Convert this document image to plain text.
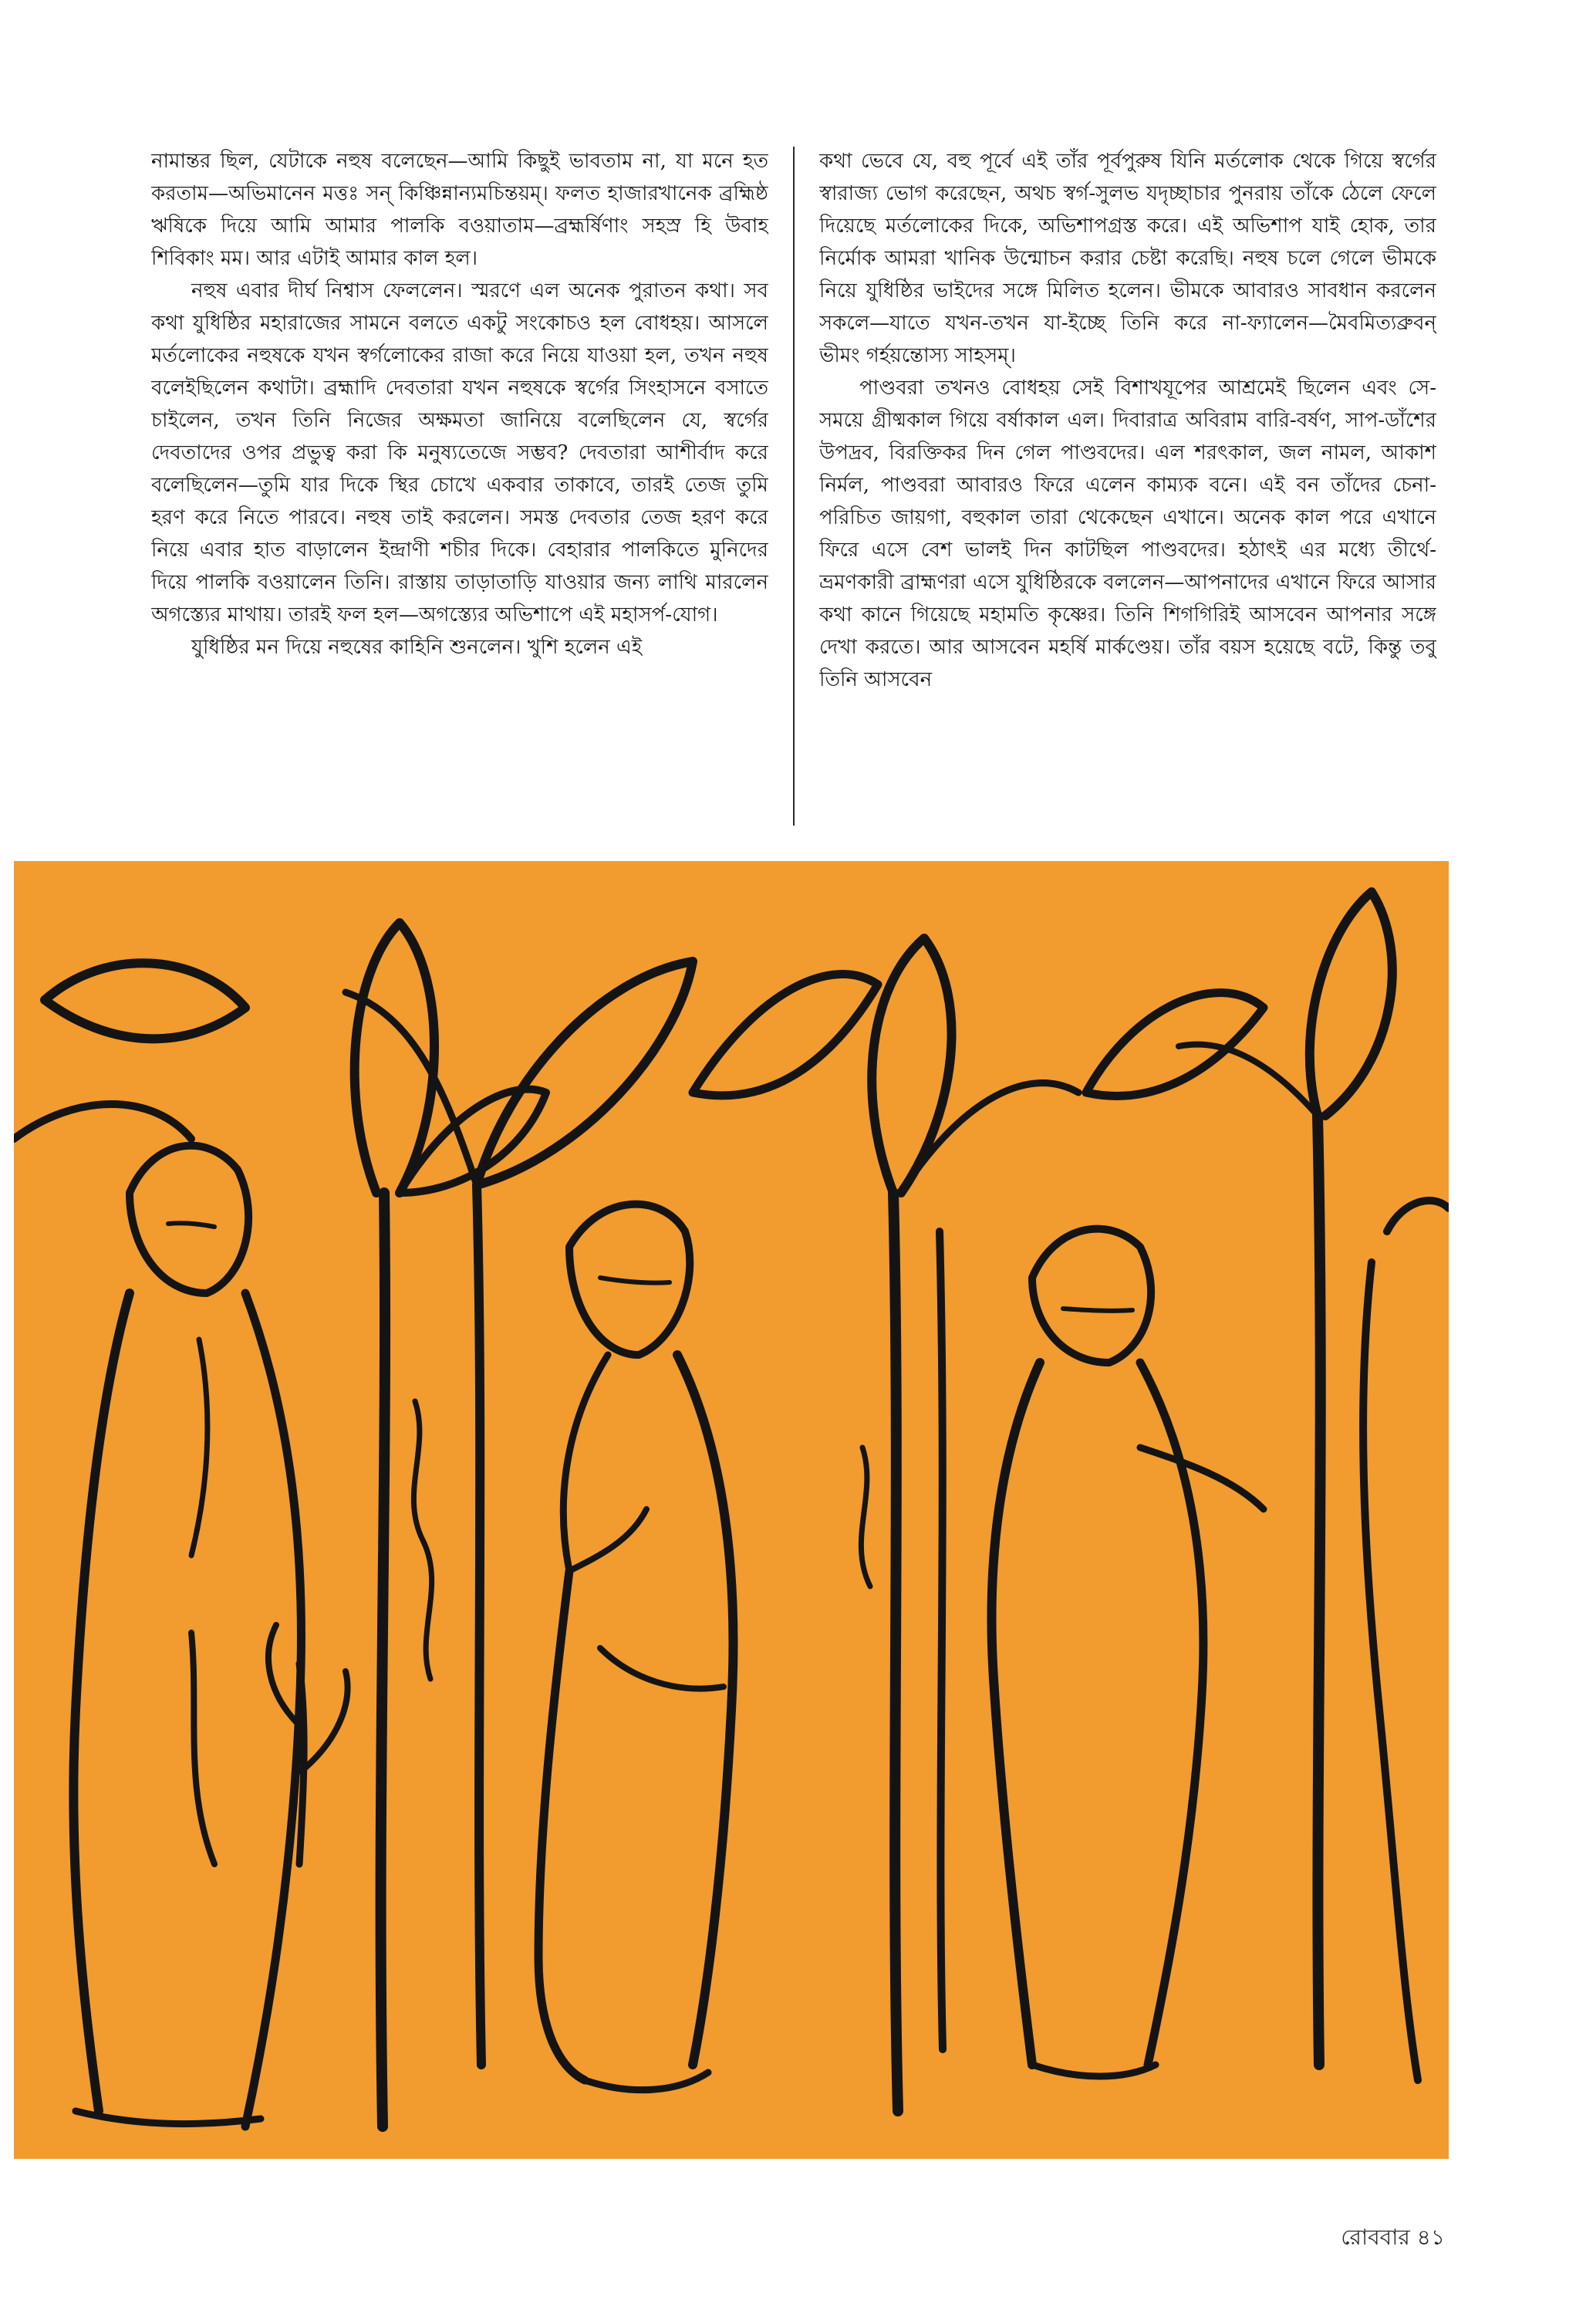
নামান্তর ছিল, যেটাকে নহুষ বলেছেন—আমি কিছুই ভাবতাম না, যা মনে হত করতাম—অভিমানেন মত্তঃ সন্ কিঞ্চিন্নান্যমচিন্তয়ম্। ফলত হাজারখানেক ব্রহ্মিষ্ঠ ঋষিকে দিয়ে আমি আমার পালকি বওয়াতাম—ব্রহ্মর্ষিণাং সহস্র হি উবাহ শিবিকাং মম। আর এটাই আমার কাল হল।

নহুষ এবার দীর্ঘ নিশ্বাস ফেললেন। স্মরণে এল অনেক পুরাতন কথা। সব কথা যুধিষ্ঠির মহারাজের সামনে বলতে একটু সংকোচও হল বোধহয়। আসলে মর্তলোকের নহুষকে যখন স্বর্গলোকের রাজা করে নিয়ে যাওয়া হল, তখন নহুষ বলেইছিলেন কথাটা। ব্রহ্মাদি দেবতারা যখন নহুষকে স্বর্গের সিংহাসনে বসাতে চাইলেন, তখন তিনি নিজের অক্ষমতা জানিয়ে বলেছিলেন যে, স্বর্গের দেবতাদের ওপর প্রভুত্ব করা কি মনুষ্যতেজে সম্ভব? দেবতারা আশীর্বাদ করে বলেছিলেন—তুমি যার দিকে স্থির চোখে একবার তাকাবে, তারই তেজ তুমি হরণ করে নিতে পারবে। নহুষ তাই করলেন। সমস্ত দেবতার তেজ হরণ করে নিয়ে এবার হাত বাড়ালেন ইন্দ্রাণী শচীর দিকে। বেহারার পালকিতে মুনিদের দিয়ে পালকি বওয়ালেন তিনি। রাস্তায় তাড়াতাড়ি যাওয়ার জন্য লাথি মারলেন অগস্ত্যের মাথায়। তারই ফল হল—অগস্ত্যের অভিশাপে এই মহাসর্প-যোগ।

যুধিষ্ঠির মন দিয়ে নহুষের কাহিনি শুনলেন। খুশি হলেন এই

কথা ভেবে যে, বহু পূর্বে এই তাঁর পূর্বপুরুষ যিনি মর্তলোক থেকে গিয়ে স্বর্গের স্বারাজ্য ভোগ করেছেন, অথচ স্বর্গ-সুলভ যদৃচ্ছাচার পুনরায় তাঁকে ঠেলে ফেলে দিয়েছে মর্তলোকের দিকে, অভিশাপগ্রস্ত করে। এই অভিশাপ যাই হোক, তার নির্মোক আমরা খানিক উন্মোচন করার চেষ্টা করেছি। নহুষ চলে গেলে ভীমকে নিয়ে যুধিষ্ঠির ভাইদের সঙ্গে মিলিত হলেন। ভীমকে আবারও সাবধান করলেন সকলে—যাতে যখন-তখন যা-ইচ্ছে তিনি করে না-ফ্যালেন—মৈবমিত্যব্রুবন্ ভীমং গর্হয়ন্তোস্য সাহসম্।

পাণ্ডবরা তখনও বোধহয় সেই বিশাখযূপের আশ্রমেই ছিলেন এবং সে-সময়ে গ্রীষ্মকাল গিয়ে বর্ষাকাল এল। দিবারাত্র অবিরাম বারি-বর্ষণ, সাপ-ডাঁশের উপদ্রব, বিরক্তিকর দিন গেল পাণ্ডবদের। এল শরৎকাল, জল নামল, আকাশ নির্মল, পাণ্ডবরা আবারও ফিরে এলেন কাম্যক বনে। এই বন তাঁদের চেনা-পরিচিত জায়গা, বহুকাল তারা থেকেছেন এখানে। অনেক কাল পরে এখানে ফিরে এসে বেশ ভালই দিন কাটছিল পাণ্ডবদের। হঠাৎই এর মধ্যে তীর্থে-ভ্রমণকারী ব্রাহ্মণরা এসে যুধিষ্ঠিরকে বললেন—আপনাদের এখানে ফিরে আসার কথা কানে গিয়েছে মহামতি কৃষ্ণের। তিনি শিগগিরিই আসবেন আপনার সঙ্গে দেখা করতে। আর আসবেন মহর্ষি মার্কণ্ডেয়। তাঁর বয়স হয়েছে বটে, কিন্তু তবু তিনি আসবেন

রোববার ৪১
